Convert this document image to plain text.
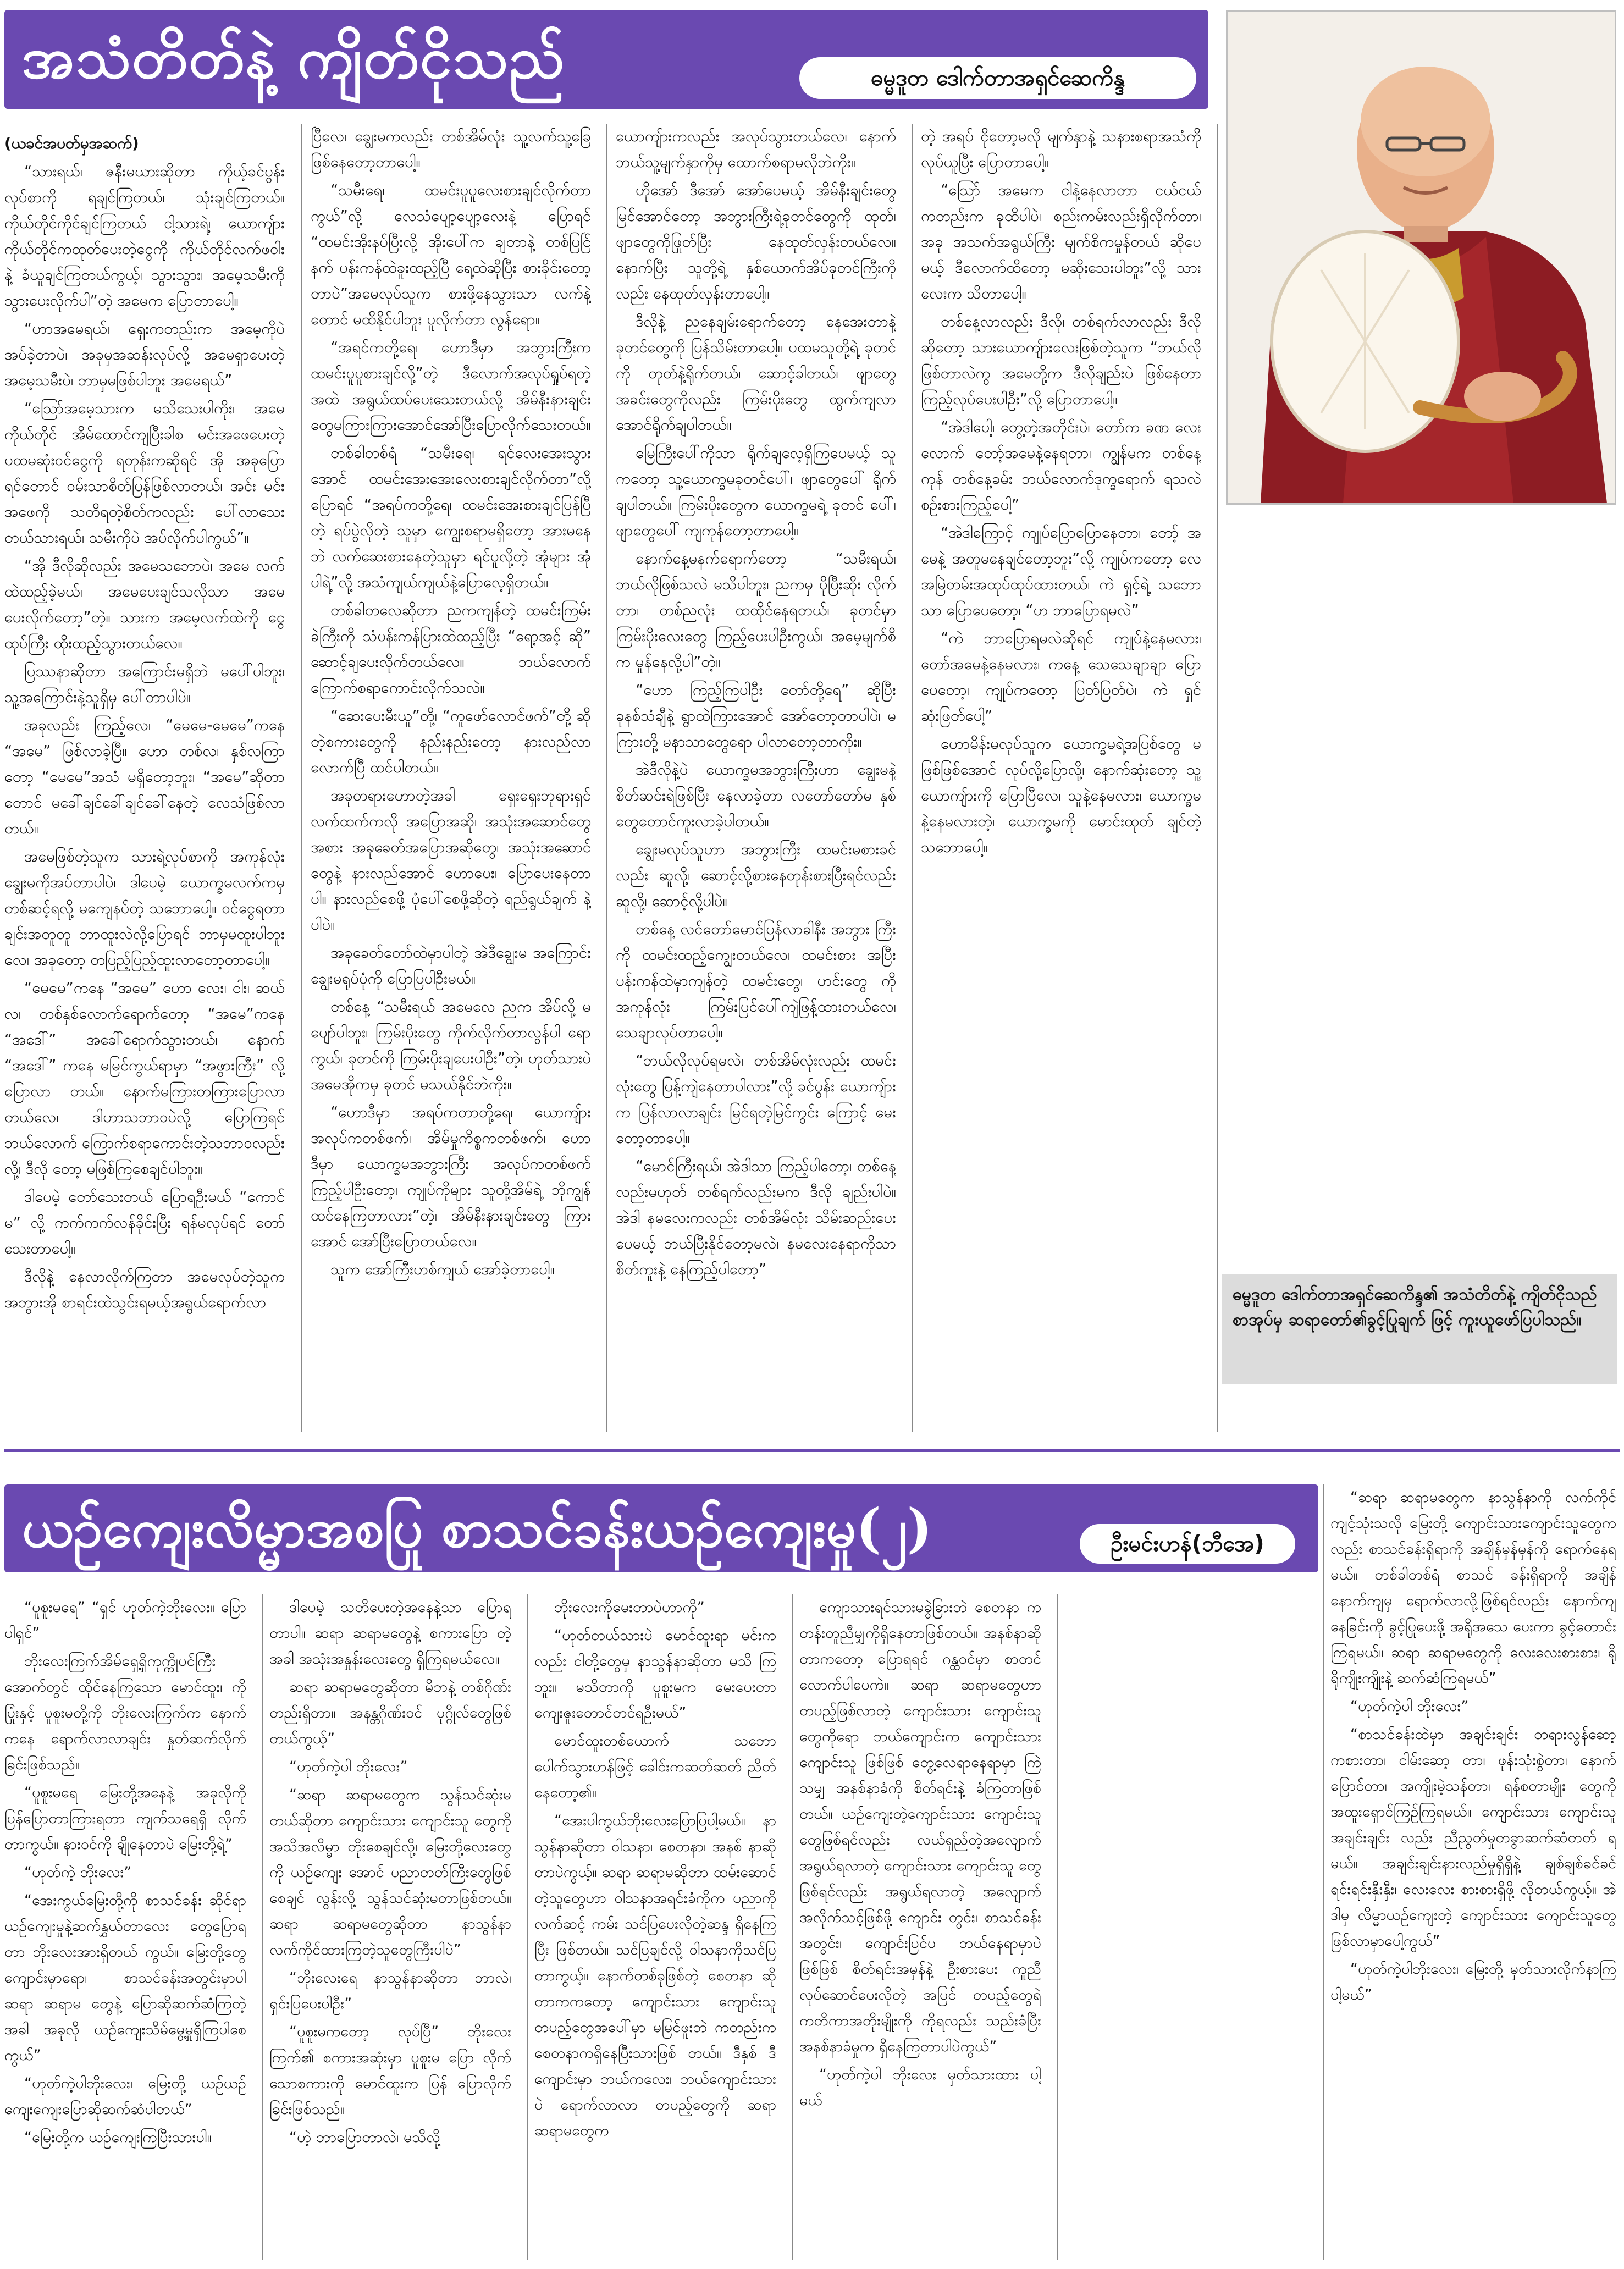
အသံတိတ်နဲ့ ကျိတ်ငိုသည်	ဓမ္မဒူတ ဒေါက်တာအရှင်ဆေကိန္ဒ

(ယခင်အပတ်မှအဆက်)

“သားရယ်၊ ဇနီးမယားဆိုတာ ကိုယ့်ခင်ပွန်း လုပ်စာကို ရချင်ကြတယ်၊ သုံးချင်ကြတယ်။ ကိုယ်တိုင်ကိုင်ချင်ကြတယ် ငါ့သားရဲ့၊ ယောကျ်ား ကိုယ်တိုင်ကထုတ်ပေးတဲ့ငွေကို ကိုယ်တိုင်လက်ဖဝါး နဲ့ ခံယူချင်ကြတယ်ကွယ့်၊ သွားသွား၊ အမေ့သမီးကို သွားပေးလိုက်ပါ”တဲ့ အမေက ပြောတာပေါ့။

“ဟာအမေရယ်၊ ရှေးကတည်းက အမေ့ကိုပဲ အပ်ခဲ့တာပဲ၊ အခုမှအဆန်းလုပ်လို့ အမေရှာပေးတဲ့ အမေ့သမီးပဲ၊ ဘာမှမဖြစ်ပါဘူး အမေရယ်”

“သြော်အမေ့သားက မသိသေးပါကိုး၊ အမေ ကိုယ်တိုင် အိမ်ထောင်ကျပြီးခါစ မင်းအဖေပေးတဲ့ ပထမဆုံးဝင်ငွေကို ရတုန်းကဆိုရင် အို အခုပြောရင်တောင် ဝမ်းသာစိတ်ပြန်ဖြစ်လာတယ်၊ အင်း မင်းအဖေကို သတိရတဲ့စိတ်ကလည်း ပေါ်လာသေး တယ်သားရယ်၊ သမီးကိုပဲ အပ်လိုက်ပါကွယ်”။

“အို ဒီလိုဆိုလည်း အမေသဘောပဲ၊ အမေ လက်ထဲထည့်ခဲ့မယ်၊ အမေပေးချင်သလိုသာ အမေ ပေးလိုက်တော့”တဲ့။ သားက အမေ့လက်ထဲကို ငွေထုပ်ကြီး ထိုးထည့်သွားတယ်လေ။

ပြဿနာဆိုတာ အကြောင်းမရှိဘဲ မပေါ်ပါဘူး၊ သူ့အကြောင်းနဲ့သူရှိမှ ပေါ်တာပါပဲ။

အခုလည်း ကြည့်လေ၊ “မေမေ-မေမေ”ကနေ “အမေ” ဖြစ်လာခဲ့ပြီ။ ဟော တစ်လ၊ နှစ်လကြာတော့ “မေမေ”အသံ မရှိတော့ဘူး၊ “အမေ”ဆိုတာတောင် မခေါ်ချင်ခေါ်ချင်ခေါ်နေတဲ့ လေသံဖြစ်လာတယ်။

အမေဖြစ်တဲ့သူက သားရဲ့လုပ်စာကို အကုန်လုံး ချွေးမကိုအပ်တာပါပဲ၊ ဒါပေမဲ့ ယောက္ခမလက်ကမှ တစ်ဆင့်ရလို့ မကျေနပ်တဲ့ သဘောပေါ့။ ဝင်ငွေရတာ ချင်းအတူတူ ဘာထူးလဲလို့ပြောရင် ဘာမှမထူးပါဘူး လေ၊ အခုတော့ တပြည့်ပြည့်ထူးလာတော့တာပေါ့။

“မေမေ”ကနေ “အမေ” ဟော လေး၊ ငါး၊ ဆယ် လ၊ တစ်နှစ်လောက်ရောက်တော့ “အမေ”ကနေ “အဒေါ်” အခေါ်ရောက်သွားတယ်၊ နောက် “အဒေါ်” ကနေ မမြင်ကွယ်ရာမှာ “အဖွားကြီး” လို့ ပြောလာ တယ်။ နောက်မကြားတကြားပြောလာတယ်လေ၊ ဒါဟာသဘာဝပဲလို့ ပြောကြရင် ဘယ်လောက် ကြောက်စရာကောင်းတဲ့သဘာဝလည်းလို့၊ ဒီလို တော့ မဖြစ်ကြစေချင်ပါဘူး။

ဒါပေမဲ့ တော်သေးတယ် ပြောရဦးမယ် “ကောင်မ” လို့ ကက်ကက်လန်ခိုင်းပြီး ရန်မလုပ်ရင် တော်သေးတာပေါ့။

ဒီလိုနဲ့ နေလာလိုက်ကြတာ အမေလုပ်တဲ့သူက အဘွားအို စာရင်းထဲသွင်းရမယ့်အရွယ်ရောက်လာ

ပြီလေ၊ ချွေးမကလည်း တစ်အိမ်လုံး သူ့လက်သူ့ခြေ ဖြစ်နေတော့တာပေါ့။

“သမီးရေ၊ ထမင်းပူပူလေးစားချင်လိုက်တာ ကွယ်”လို့ လေသံပျော့ပျော့လေးနဲ့ ပြောရင် “ထမင်းအိုးနပ်ပြီးလို့ အိုးပေါ်က ချတာနဲ့ တစ်ပြင်ြ နက် ပန်းကန်ထဲခူးထည့်ပြီ ရေ့ထဲဆိုပြီး စားခိုင်းတော့ တာပဲ”အမေလုပ်သူက စားဖို့နေသွားသာ လက်နဲ့ တောင် မထိနိုင်ပါဘူး ပူလိုက်တာ လွန်ရော။

“အရင်ကတို့ရေ၊ ဟောဒီမှာ အဘွားကြီးက ထမင်းပူပူစားချင်လို့”တဲ့ ဒီလောက်အလုပ်ရှုပ်ရတဲ့ အထဲ အရွယ်ထပ်ပေးသေးတယ်လို့ အိမ်နီးနားချင်း တွေမကြားကြားအောင်အော်ပြီးပြောလိုက်သေးတယ်။

တစ်ခါတစ်ရံ “သမီးရေ၊ ရင်လေးအေးသွား အောင် ထမင်းအေးအေးလေးစားချင်လိုက်တာ”လို့ ပြောရင် “အရပ်ကတို့ရေ၊ ထမင်းအေးစားချင်ပြန်ပြီ တဲ့ ရပ်ပွဲလိုတဲ့ သူမှာ ကျွေးစရာမရှိတော့ အားမနေဘဲ လက်ဆေးစားနေတဲ့သူမှာ ရင်ပူလို့တဲ့ အုံများ အုံပါရဲ့”လို့ အသံကျယ်ကျယ်နဲ့ပြောလေ့ရှိတယ်။

တစ်ခါတလေဆိုတာ ညကကျန်တဲ့ ထမင်းကြမ်း ခဲကြီးကို သံပန်းကန်ပြားထဲထည့်ပြီး “ရော့အင့် ဆို” ဆောင့်ချပေးလိုက်တယ်လေ။ ဘယ်လောက် ကြောက်စရာကောင်းလိုက်သလဲ။

“ဆေးပေးမီးယူ”တို့၊ “ကူဖော်လောင်ဖက်”တို့ ဆိုတဲ့စကားတွေကို နည်းနည်းတော့ နားလည်လာ လောက်ပြီ ထင်ပါတယ်။

အခုတရားဟောတဲ့အခါ ရှေးရှေးဘုရားရှင် လက်ထက်ကလို အပြောအဆို၊ အသုံးအဆောင်တွေ အစား အခုခေတ်အပြောအဆိုတွေ၊ အသုံးအဆောင် တွေနဲ့ နားလည်အောင် ဟောပေး၊ ပြောပေးနေတာ ပါ။ နားလည်စေဖို့ ပုံပေါ်စေဖို့ဆိုတဲ့ ရည်ရွယ်ချက် နဲ့ပါပဲ။

အခုခေတ်တော်ထဲမှာပါတဲ့ အဲဒီချွေးမ အကြောင်း ချွေးမရုပ်ပုံကို ပြောပြပါဦးမယ်။

တစ်နေ့ “သမီးရယ် အမေလေ ညက အိပ်လို့ မပျော်ပါဘူး၊ ကြမ်းပိုးတွေ ကိုက်လိုက်တာလွန်ပါ ရောကွယ်၊ ခုတင်ကို ကြမ်းပိုးချပေးပါဦး”တဲ့၊ ဟုတ်သားပဲ အမေအိုကမှ ခုတင် မသယ်နိုင်ဘဲကိုး။

“ဟောဒီမှာ အရပ်ကတာတို့ရေ၊ ယောကျ်ား အလုပ်ကတစ်ဖက်၊ အိမ်မှုကိစ္စကတစ်ဖက်၊ ဟော ဒီမှာ ယောက္ခမအဘွားကြီး အလုပ်ကတစ်ဖက် ကြည့်ပါဦးတော့၊ ကျုပ်ကိုများ သူတို့အိမ်ရဲ့ ဘိုကျွန် ထင်နေကြတာလား”တဲ့၊ အိမ်နီးနားချင်းတွေ ကြားအောင် အော်ပြီးပြောတယ်လေ။

သူက အော်ကြီးဟစ်ကျယ် အော်ခဲ့တာပေါ့။

ယောကျ်ားကလည်း အလုပ်သွားတယ်လေ၊ နောက် ဘယ်သူ့မျက်နှာကိုမှ ထောက်စရာမလိုဘဲကိုး။

ဟိုအော် ဒီအော် အော်ပေမယ့် အိမ်နီးချင်းတွေ မြင်အောင်တော့ အဘွားကြီးရဲ့ခုတင်တွေကို ထုတ်၊ ဖျာတွေကိုဖြုတ်ပြီး နေထုတ်လှန်းတယ်လေ။ နောက်ပြီး သူတို့ရဲ့ နှစ်ယောက်အိပ်ခုတင်ကြီးကို လည်း နေထုတ်လှန်းတာပေါ့။

ဒီလိုနဲ့ ညနေချမ်းရောက်တော့ နေအေးတာနဲ့ ခုတင်တွေကို ပြန်သိမ်းတာပေါ့။ ပထမသူတို့ရဲ့ ခုတင်ကို တုတ်နဲ့ရိုက်တယ်၊ ဆောင့်ခါတယ်၊ ဖျာတွေ အခင်းတွေကိုလည်း ကြမ်းပိုးတွေ ထွက်ကျလာ အောင်ရိုက်ချပါတယ်။

မြေကြီးပေါ်ကိုသာ ရိုက်ချလေ့ရှိကြပေမယ့် သူကတော့ သူ့ယောက္ခမခုတင်ပေါ်၊ ဖျာတွေပေါ် ရိုက်ချပါတယ်။ ကြမ်းပိုးတွေက ယောက္ခမရဲ့ ခုတင် ပေါ်၊ ဖျာတွေပေါ် ကျကုန်တော့တာပေါ့။

နောက်နေ့မနက်ရောက်တော့ “သမီးရယ်၊ ဘယ်လိုဖြစ်သလဲ မသိပါဘူး၊ ညကမှ ပိုပြီးဆိုး လိုက်တာ၊ တစ်ညလုံး ထထိုင်နေရတယ်၊ ခုတင်မှာ ကြမ်းပိုးလေးတွေ ကြည့်ပေးပါဦးကွယ်၊ အမေ့မျက်စိ က မှုန်နေလို့ပါ”တဲ့။

“ဟော ကြည့်ကြပါဦး တော်တို့ရေ” ဆိုပြီး ခုနစ်သံချီနဲ့ ရွာထဲကြားအောင် အော်တော့တာပါပဲ၊ မကြားတို့ မနာသာတွေရော ပါလာတော့တာကိုး။

အဲဒီလိုနဲ့ပဲ ယောက္ခမအဘွားကြီးဟာ ချွေးမနဲ့ စိတ်ဆင်းရဲဖြစ်ပြီး နေလာခဲ့တာ လတော်တော်မ နှစ်တွေတောင်ကူးလာခဲ့ပါတယ်။

ချွေးမလုပ်သူဟာ အဘွားကြီး ထမင်းမစားခင် လည်း ဆူလို့၊ ဆောင့်လို့စားနေတုန်းစားပြီးရင်လည်း ဆူလို့၊ ဆောင့်လို့ပါပဲ။

တစ်နေ့ လင်တော်မောင်ပြန်လာခါနီး အဘွား ကြီးကို ထမင်းထည့်ကျွေးတယ်လေ၊ ထမင်းစား အပြီး ပန်းကန်ထဲမှာကျန်တဲ့ ထမင်းတွေ၊ ဟင်းတွေ ကို အကုန်လုံး ကြမ်းပြင်ပေါ်ကျဲဖြန့်ထားတယ်လေ၊ သေချာလုပ်တာပေါ့။

“ဘယ်လိုလုပ်ရမလဲ၊ တစ်အိမ်လုံးလည်း ထမင်းလုံးတွေ ပြန့်ကျဲနေတာပါလား”လို့ ခင်ပွန်း ယောကျ်ားက ပြန်လာလာချင်း မြင်ရတဲ့မြင်ကွင်း ကြောင့် မေးတော့တာပေါ့။

“မောင်ကြီးရယ်၊ အဲဒါသာ ကြည့်ပါတော့၊ တစ်နေ့လည်းမဟုတ် တစ်ရက်လည်းမက ဒီလို ချည်းပါပဲ။ အဲဒါ နမလေးကလည်း တစ်အိမ်လုံး သိမ်းဆည်းပေးပေမယ့် ဘယ်ပြီးနိုင်တော့မလဲ၊ နမလေးနေရာကိုသာ စိတ်ကူးနဲ့ နေကြည့်ပါတော့”

တဲ့ အရပ် ငိုတော့မလို မျက်နှာနဲ့ သနားစရာအသံကို လုပ်ယူပြီး ပြောတာပေါ့။

“သြော် အမေက ငါနဲ့နေလာတာ ငယ်ငယ် ကတည်းက ခုထိပါပဲ၊ စည်းကမ်းလည်းရှိလိုက်တာ၊ အခု အသက်အရွယ်ကြီး မျက်စိကမှုန်တယ် ဆိုပေမယ့် ဒီလောက်ထိတော့ မဆိုးသေးပါဘူး”လို့ သားလေးက သိတာပေါ့။

တစ်နေ့လာလည်း ဒီလို၊ တစ်ရက်လာလည်း ဒီလိုဆိုတော့ သားယောကျ်ားလေးဖြစ်တဲ့သူက “ဘယ်လို ဖြစ်တာလဲကွ အမေတို့က ဒီလိုချည်းပဲ ဖြစ်နေတာ ကြည့်လုပ်ပေးပါဦး”လို့ ပြောတာပေါ့။

“အဲဒါပေါ့၊ တွေ့တဲ့အတိုင်းပဲ၊ တော်က ခဏ လေးလောက် တော့်အမေနဲ့နေရတာ၊ ကျွန်မက တစ်နေ့ကုန် တစ်နေ့ခမ်း ဘယ်လောက်ဒုက္ခရောက် ရသလဲ စဉ်းစားကြည့်ပေါ့”

“အဲဒါကြောင့် ကျုပ်ပြောပြောနေတာ၊ တော့် အမေနဲ့ အတူမနေချင်တော့ဘူး”လို့ ကျုပ်ကတော့ လေ အမြဲတမ်းအထုပ်ထုပ်ထားတယ်၊ ကဲ ရှင့်ရဲ့ သဘောသာ ပြောပေတော့၊ “ဟ ဘာပြောရမလဲ”

“ကဲ ဘာပြောရမလဲဆိုရင် ကျုပ်နဲ့နေမလား၊ တော်အမေနဲ့နေမလား၊ ကနေ့ သေသေချာချာ ပြောပေတော့၊ ကျုပ်ကတော့ ပြတ်ပြတ်ပဲ၊ ကဲ ရှင် ဆုံးဖြတ်ပေါ့”

ဟောမိန်းမလုပ်သူက ယောက္ခမရဲ့အပြစ်တွေ မဖြစ်ဖြစ်အောင် လုပ်လို့ပြောလို့၊ နောက်ဆုံးတော့ သူ့ယောကျ်ားကို ပြောပြီလေ၊ သူနဲ့နေမလား၊ ယောက္ခမနဲ့နေမလားတဲ့၊ ယောက္ခမကို မောင်းထုတ် ချင်တဲ့သဘောပေါ့။

ဓမ္မဒူတ ဒေါက်တာအရှင်ဆေကိန္ဒ၏ အသံတိတ်နဲ့ ကျိတ်ငိုသည်စာအုပ်မှ ဆရာတော်၏ခွင့်ပြုချက် ဖြင့် ကူးယူဖော်ပြပါသည်။
ယဉ်ကျေးလိမ္မာအစပြု စာသင်ခန်းယဉ်ကျေးမှု(၂)	ဦးမင်းဟန်(ဘီအေ)

“ပူစူးမရေ” “ရှင် ဟုတ်ကဲ့ဘိုးလေး။ ပြောပါရှင်”

ဘိုးလေးကြက်အိမ်ရှေ့ရှိကုက္ကိုပင်ကြီး အောက်တွင် ထိုင်နေကြသော မောင်ထူး၊ ကိုပြုံးနှင့် ပူစူးမတို့ကို ဘိုးလေးကြက်က နောက်ကနေ ရောက်လာလာချင်း နှုတ်ဆက်လိုက်ခြင်းဖြစ်သည်။

“ပူစူးမရေ မြေးတို့အနေနဲ့ အခုလိုကို ပြန်ပြောတာကြားရတာ ကျက်သရေရှိ လိုက်တာကွယ်။ နားဝင်ကို ချိုနေတာပဲ မြေးတို့ရဲ့”

“ဟုတ်ကဲ့ ဘိုးလေး”

“အေးကွယ်မြေးတို့ကို စာသင်ခန်း ဆိုင်ရာယဉ်ကျေးမှုနဲ့ဆက်နွှယ်တာလေး တွေပြောရတာ ဘိုးလေးအားရှိတယ် ကွယ်။ မြေးတို့တွေ ကျောင်းမှာရော၊ စာသင်ခန်းအတွင်းမှာပါ ဆရာ ဆရာမ တွေနဲ့ ပြောဆိုဆက်ဆံကြတဲ့အခါ အခုလို ယဉ်ကျေးသိမ်မွေ့မှုရှိကြပါစေကွယ်”

“ဟုတ်ကဲ့ပါဘိုးလေး၊ မြေးတို့ ယဉ်ယဉ် ကျေးကျေးပြောဆိုဆက်ဆံပါတယ်”

“မြေးတို့က ယဉ်ကျေးကြပြီးသားပါ။

ဒါပေမဲ့ သတိပေးတဲ့အနေနဲ့သာ ပြောရ တာပါ။ ဆရာ ဆရာမတွေနဲ့ စကားပြော တဲ့အခါ အသုံးအနှုန်းလေးတွေ ရှိကြရမယ်လေ။

ဆရာ ဆရာမတွေဆိုတာ မိဘနဲ့ တစ်ဂိုဏ်းတည်းရှိတာ။ အနန္တဂိုဏ်းဝင် ပုဂ္ဂိုလ်တွေဖြစ်တယ်ကွယ့်”

“ဟုတ်ကဲ့ပါ ဘိုးလေး”

“ဆရာ ဆရာမတွေက သွန်သင်ဆုံးမ တယ်ဆိုတာ ကျောင်းသား ကျောင်းသူ တွေကို အသိအလိမ္မာ တိုးစေချင်လို့၊ မြေးတို့လေးတွေကို ယဉ်ကျေး အောင် ပညာတတ်ကြီးတွေဖြစ်စေချင် လွန်းလို့ သွန်သင်ဆုံးမတာဖြစ်တယ်။ ဆရာ ဆရာမတွေဆိုတာ နာသွန်နာ လက်ကိုင်ထားကြတဲ့သူတွေကြီးပါပဲ”

“ဘိုးလေးရေ နာသွန်နာဆိုတာ ဘာလဲ၊ ရှင်းပြပေးပါဦး”

“ပူစူးမကတော့ လုပ်ပြီ” ဘိုးလေး ကြက်၏ စကားအဆုံးမှာ ပူစူးမ ပြော လိုက်သောစကားကို မောင်ထူးက ပြန် ပြောလိုက်ခြင်းဖြစ်သည်။

“ဟဲ့ ဘာပြောတာလဲ၊ မသိလို့

ဘိုးလေးကိုမေးတာပဲဟာကို”

“ဟုတ်တယ်သားပဲ မောင်ထူးရာ မင်းက လည်း ငါတို့တွေမှ နာသွန်နာဆိုတာ မသိ ကြဘူး။ မသိတာကို ပူစူးမက မေးပေးတာ ကျေးဇူးတောင်တင်ရဦးမယ်”

မောင်ထူးတစ်ယောက် သဘော ပေါက်သွားဟန်ဖြင့် ခေါင်းကဆတ်ဆတ် ညိတ်နေတော့၏။

“အေးပါကွယ်ဘိုးလေးပြောပြပါ့မယ်။ နာသွန်နာဆိုတာ ဝါသနာ၊ စေတနာ၊ အနစ် နာဆိုတာပဲကွယ့်။ ဆရာ ဆရာမဆိုတာ ထမ်းဆောင်တဲ့သူတွေဟာ ဝါသနာအရင်းခံကိုက ပညာကို လက်ဆင့် ကမ်း သင်ပြပေးလိုတဲ့ဆန္ဒ ရှိနေကြပြီး ဖြစ်တယ်။ သင်ပြချင်လို့ ဝါသနာကိုသင်ပြ တာကွယ့်။ နောက်တစ်ခုဖြစ်တဲ့ စေတနာ ဆိုတာကကတော့ ကျောင်းသား ကျောင်းသူ တပည့်တွေအပေါ်မှာ မမြင်ဖူးဘဲ ကတည်းက စေတနာကရှိနေပြီးသားဖြစ် တယ်။ ဒီနှစ် ဒီကျောင်းမှာ ဘယ်ကလေး၊ ဘယ်ကျောင်းသားပဲ ရောက်လာလာ တပည့်တွေကို ဆရာ ဆရာမတွေက

ကျောသားရင်သားမခွဲခြားဘဲ စေတနာ က တန်းတူညီမျှကိုရှိနေတာဖြစ်တယ်။ အနစ်နာဆိုတာကတော့ ပြောရရင် ဂန္ထဝင်မှာ စာတင်လောက်ပါပေကဲ။ ဆရာ ဆရာမတွေဟာ တပည့်ဖြစ်လာတဲ့ ကျောင်းသား ကျောင်းသူတွေကိုရော ဘယ်ကျောင်းက ကျောင်းသား ကျောင်းသူ ဖြစ်ဖြစ် တွေ့လေရာနေရာမှာ ကြဲသမျှ အနစ်နာခံကို စိတ်ရင်းနဲ့ ခံကြတာဖြစ်တယ်။ ယဉ်ကျေးတဲ့ကျောင်းသား ကျောင်းသူ တွေဖြစ်ရင်လည်း လယ်ရှည်တဲ့အလျောက် အရွယ်ရလာတဲ့ ကျောင်းသား ကျောင်းသူ တွေဖြစ်ရင်လည်း အရွယ်ရလာတဲ့ အလျောက် အလိုက်သင့်ဖြစ်ဖို့ ကျောင်း တွင်း၊ စာသင်ခန်းအတွင်း၊ ကျောင်းပြင်ပ ဘယ်နေရာမှာပဲဖြစ်ဖြစ် စိတ်ရင်းအမှန်နဲ့ ဦးစားပေး ကူညီလုပ်ဆောင်ပေးလိုတဲ့ အပြင် တပည့်တွေရဲ့ ကတိကာအတိုးမျိုးကို ကိုရလည်း သည်းခံပြီး အနစ်နာခံမှုက ရှိနေကြတာပါပဲကွယ်”

“ဟုတ်ကဲ့ပါ ဘိုးလေး မှတ်သားထား ပါ့မယ်

“ဆရာ ဆရာမတွေက နာသွန်နာကို လက်ကိုင်ကျင့်သုံးသလို မြေးတို့ ကျောင်းသားကျောင်းသူတွေကလည်း စာသင်ခန်းရှိရာကို အချိန်မှန်မှန်ကို ရောက်နေရမယ်။ တစ်ခါတစ်ရံ စာသင် ခန်းရှိရာကို အချိန်နောက်ကျမှ ရောက်လာလို့ဖြစ်ရင်လည်း နောက်ကျ နေခြင်းကို ခွင့်ပြုပေးဖို့ အရိုအသေ ပေးကာ ခွင့်တောင်းကြရမယ်။ ဆရာ ဆရာမတွေကို လေးလေးစားစား၊ ရိုရိုကျိုးကျိုးနဲ့ ဆက်ဆံကြရမယ်”

“ဟုတ်ကဲ့ပါ ဘိုးလေး”

“စာသင်ခန်းထဲမှာ အချင်းချင်း တရားလွန်ဆော့ကစားတာ၊ ငါမ်းဆော့ တာ၊ ဖုန်းသုံးစွဲတာ၊ နောက်ပြောင်တာ၊ အကျိုးမဲ့သန်တာ၊ ရန်စတာမျိုး တွေကို အထူးရှောင်ကြဉ်ကြရမယ်။ ကျောင်းသား ကျောင်းသူအချင်းချင်း လည်း ညီညွတ်မှုတခွာဆက်ဆံတတ် ရမယ်။ အချင်းချင်းနားလည်မှုရှိရှိနဲ့ ချစ်ချစ်ခင်ခင် ရင်းရင်းနှီးနှီး၊ လေးလေး စားစားရှိဖို့ လိုတယ်ကွယ့်။ အဲဒါမှ လိမ္မာယဉ်ကျေးတဲ့ ကျောင်းသား ကျောင်းသူတွေ ဖြစ်လာမှာပေါ့ကွယ်”

“ဟုတ်ကဲ့ပါဘိုးလေး၊ မြေးတို့ မှတ်သားလိုက်နာကြပါ့မယ်”
